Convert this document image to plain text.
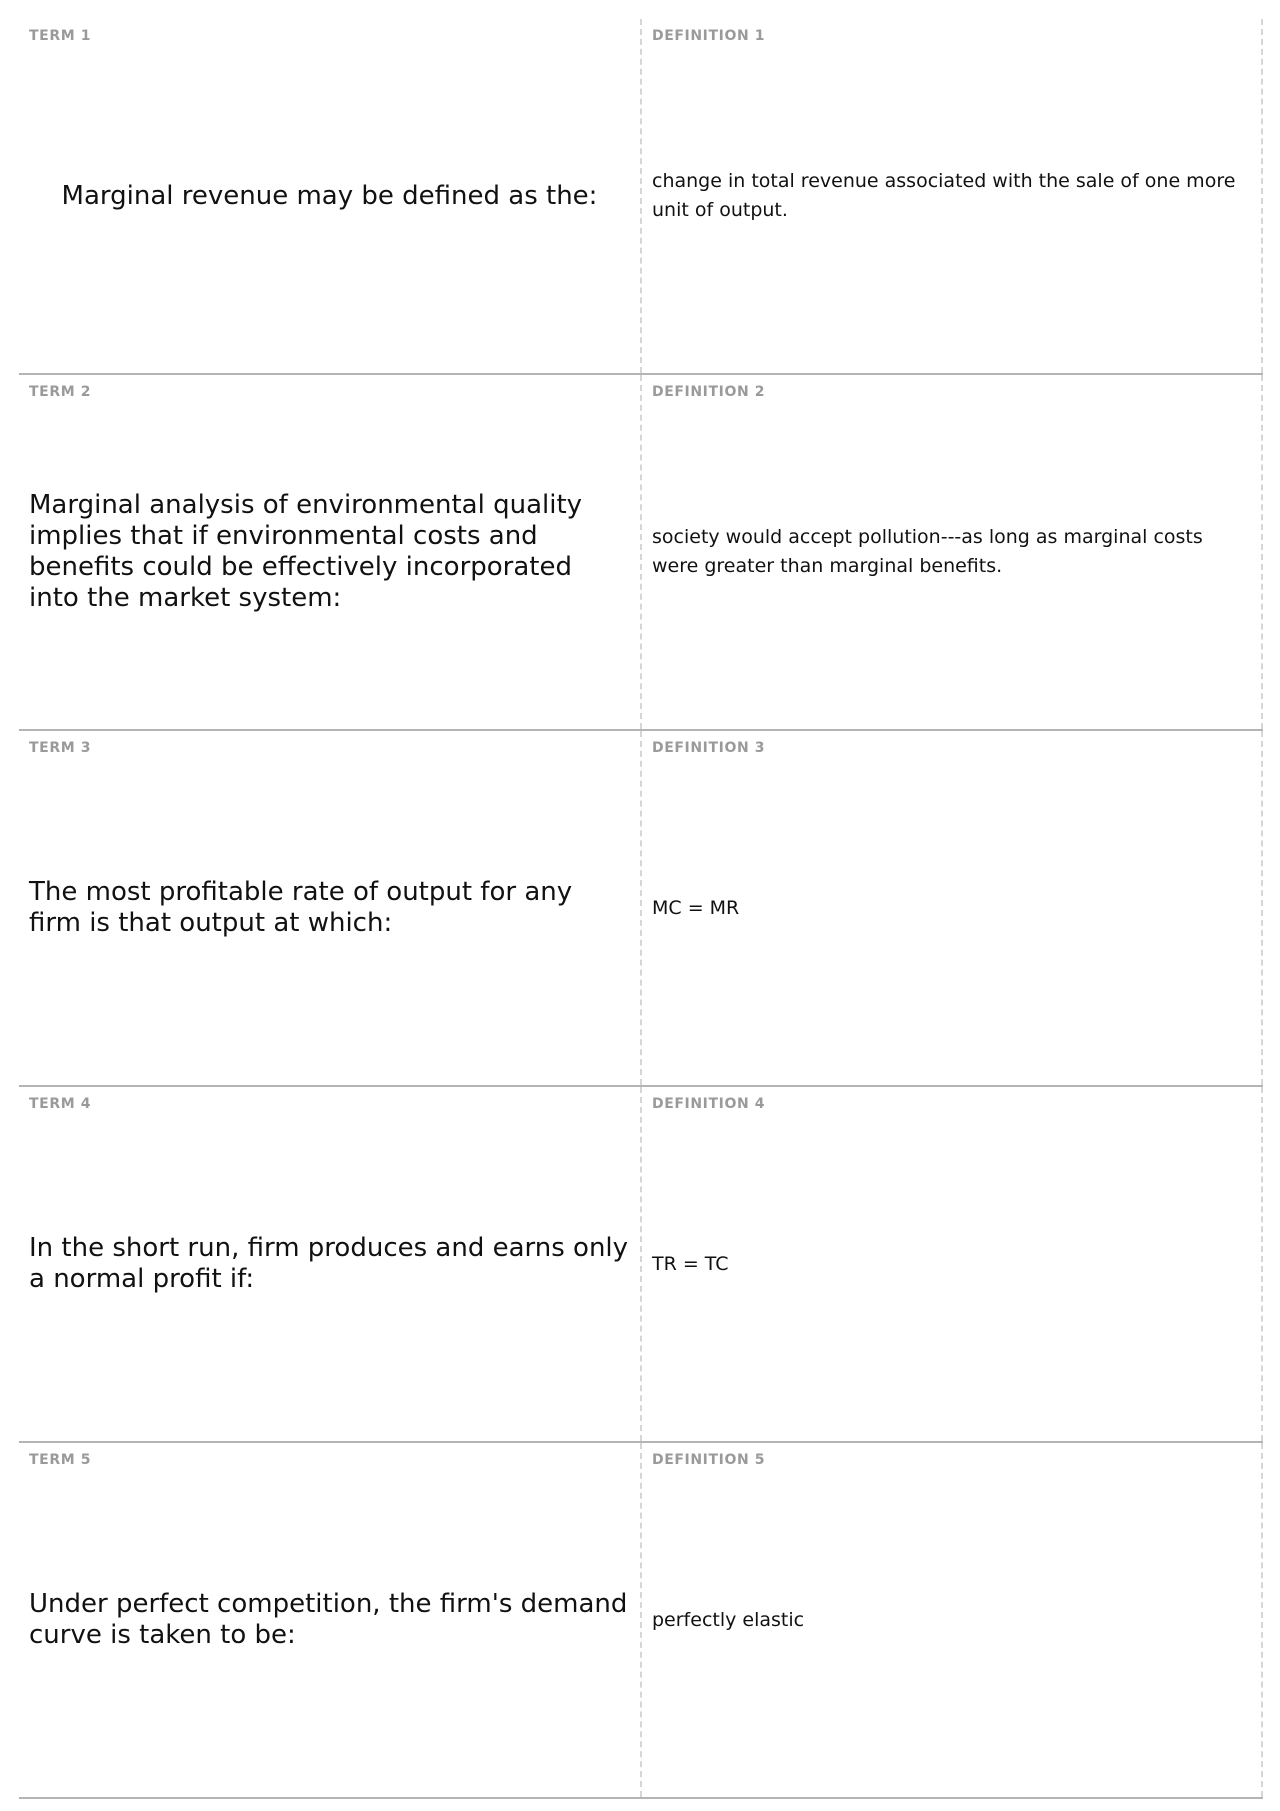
TERM 1
Marginal revenue may be defined as the:
DEFINITION 1
change in total revenue associated with the sale of one more unit of output.
TERM 2
Marginal analysis of environmental quality implies that if environmental costs and benefits could be effectively incorporated into the market system:
DEFINITION 2
society would accept pollution---as long as marginal costs were greater than marginal benefits.
TERM 3
The most profitable rate of output for any firm is that output at which:
DEFINITION 3
MC = MR
TERM 4
In the short run, firm produces and earns only a normal profit if:
DEFINITION 4
TR = TC
TERM 5
Under perfect competition, the firm's demand curve is taken to be:
DEFINITION 5
perfectly elastic
